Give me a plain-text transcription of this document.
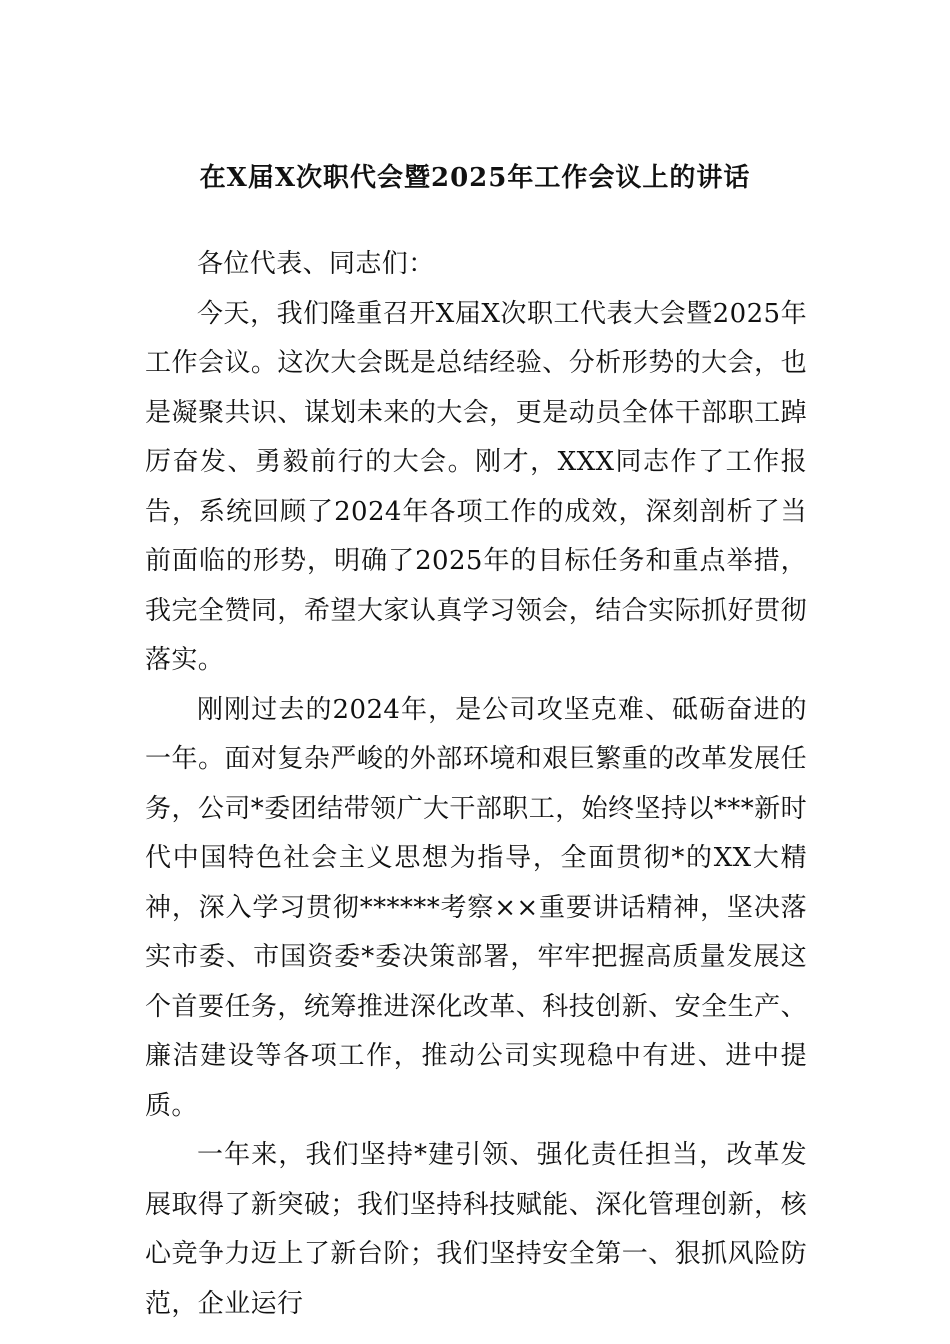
在X届X次职代会暨2025年工作会议上的讲话

各位代表、同志们：

今天，我们隆重召开X届X次职工代表大会暨2025年工作会议。这次大会既是总结经验、分析形势的大会，也是凝聚共识、谋划未来的大会，更是动员全体干部职工踔厉奋发、勇毅前行的大会。刚才，XXX同志作了工作报告，系统回顾了2024年各项工作的成效，深刻剖析了当前面临的形势，明确了2025年的目标任务和重点举措，我完全赞同，希望大家认真学习领会，结合实际抓好贯彻落实。

刚刚过去的2024年，是公司攻坚克难、砥砺奋进的一年。面对复杂严峻的外部环境和艰巨繁重的改革发展任务，公司*委团结带领广大干部职工，始终坚持以***新时代中国特色社会主义思想为指导，全面贯彻*的XX大精神，深入学习贯彻******考察××重要讲话精神，坚决落实市委、市国资委*委决策部署，牢牢把握高质量发展这个首要任务，统筹推进深化改革、科技创新、安全生产、廉洁建设等各项工作，推动公司实现稳中有进、进中提质。

一年来，我们坚持*建引领、强化责任担当，改革发展取得了新突破；我们坚持科技赋能、深化管理创新，核心竞争力迈上了新台阶；我们坚持安全第一、狠抓风险防范，企业运行
